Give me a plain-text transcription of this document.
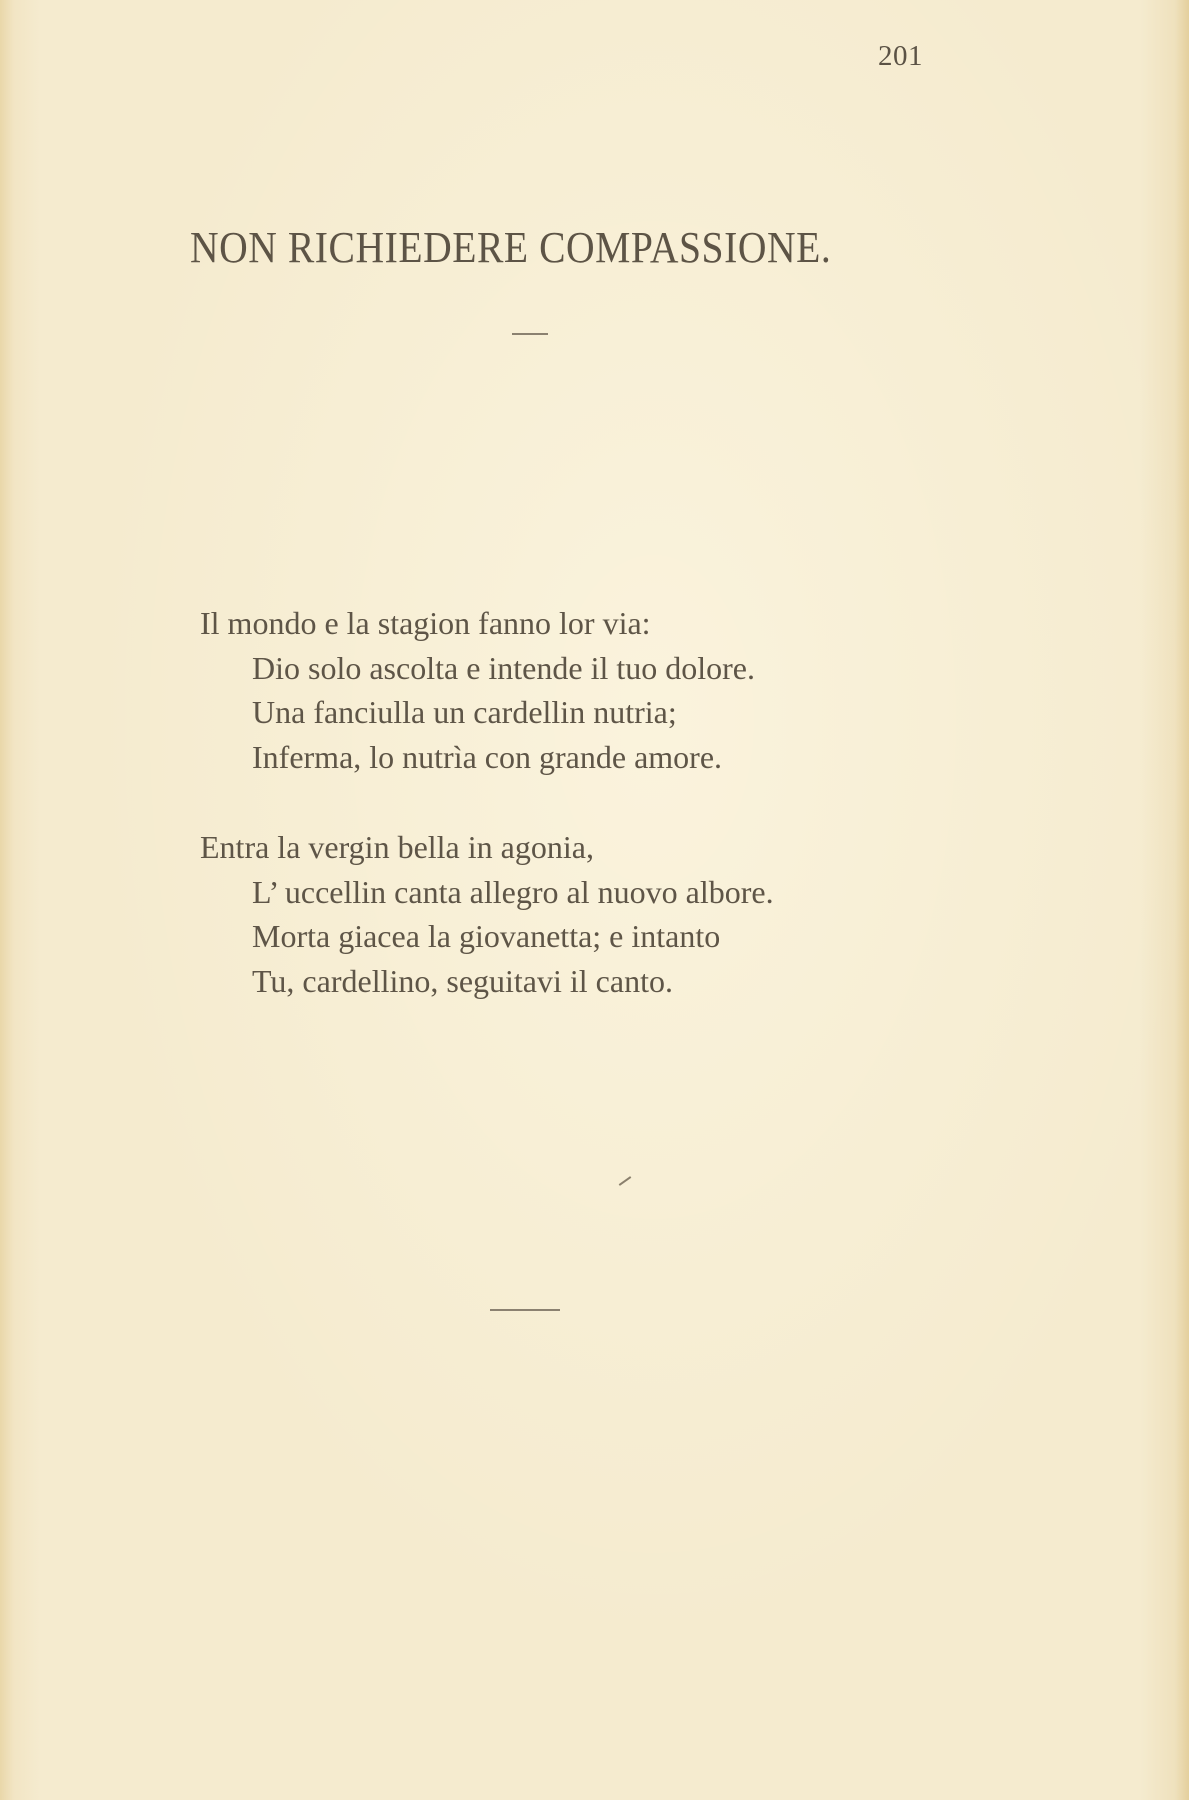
201
NON RICHIEDERE COMPASSIONE.
Il mondo e la stagion fanno lor via:
Dio solo ascolta e intende il tuo dolore.
Una fanciulla un cardellin nutria;
Inferma, lo nutrìa con grande amore.
Entra la vergin bella in agonia,
L’ uccellin canta allegro al nuovo albore.
Morta giacea la giovanetta; e intanto
Tu, cardellino, seguitavi il canto.
